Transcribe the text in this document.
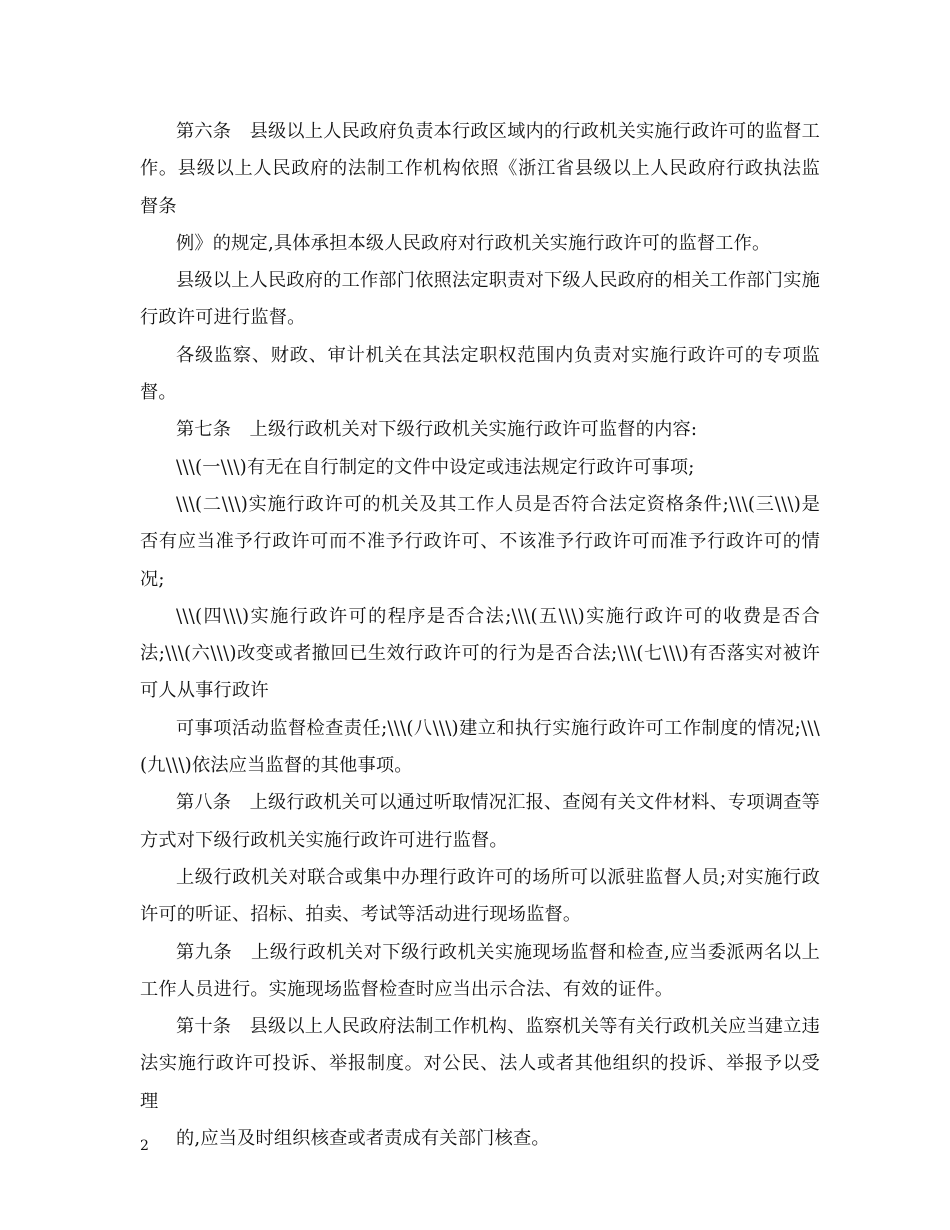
第六条　县级以上人民政府负责本行政区域内的行政机关实施行政许可的监督工作。县级以上人民政府的法制工作机构依照《浙江省县级以上人民政府行政执法监督条

例》的规定,具体承担本级人民政府对行政机关实施行政许可的监督工作。

县级以上人民政府的工作部门依照法定职责对下级人民政府的相关工作部门实施行政许可进行监督。

各级监察、财政、审计机关在其法定职权范围内负责对实施行政许可的专项监督。

第七条　上级行政机关对下级行政机关实施行政许可监督的内容:

\\\(一\\\)有无在自行制定的文件中设定或违法规定行政许可事项;

\\\(二\\\)实施行政许可的机关及其工作人员是否符合法定资格条件;\\\(三\\\)是否有应当准予行政许可而不准予行政许可、不该准予行政许可而准予行政许可的情况;

\\\(四\\\)实施行政许可的程序是否合法;\\\(五\\\)实施行政许可的收费是否合法;\\\(六\\\)改变或者撤回已生效行政许可的行为是否合法;\\\(七\\\)有否落实对被许可人从事行政许

可事项活动监督检查责任;\\\(八\\\)建立和执行实施行政许可工作制度的情况;\\\(九\\\)依法应当监督的其他事项。

第八条　上级行政机关可以通过听取情况汇报、查阅有关文件材料、专项调查等方式对下级行政机关实施行政许可进行监督。

上级行政机关对联合或集中办理行政许可的场所可以派驻监督人员;对实施行政许可的听证、招标、拍卖、考试等活动进行现场监督。

第九条　上级行政机关对下级行政机关实施现场监督和检查,应当委派两名以上工作人员进行。实施现场监督检查时应当出示合法、有效的证件。

第十条　县级以上人民政府法制工作机构、监察机关等有关行政机关应当建立违法实施行政许可投诉、举报制度。对公民、法人或者其他组织的投诉、举报予以受理

的,应当及时组织核查或者责成有关部门核查。

2
